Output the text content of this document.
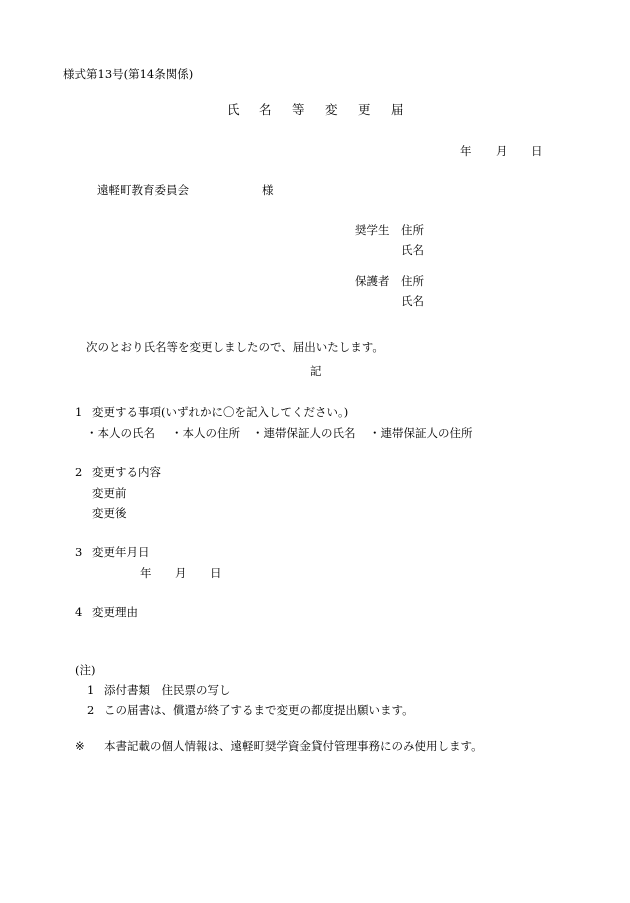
様式第13号(第14条関係)
氏 名 等 変 更 届
年 月 日
遠軽町教育委員会	様
奨学生 住所
氏名
保護者 住所
氏名
次のとおり氏名等を変更しましたので、届出いたします。
記
1 変更する事項(いずれかに〇を記入してください。)
・本人の氏名 ・本人の住所 ・連帯保証人の氏名 ・連帯保証人の住所
2 変更する内容
変更前
変更後
3 変更年月日
年 月 日
4 変更理由
(注)
1 添付書類　住民票の写し
2 この届書は、償還が終了するまで変更の都度提出願います。
※ 本書記載の個人情報は、遠軽町奨学資金貸付管理事務にのみ使用します。
